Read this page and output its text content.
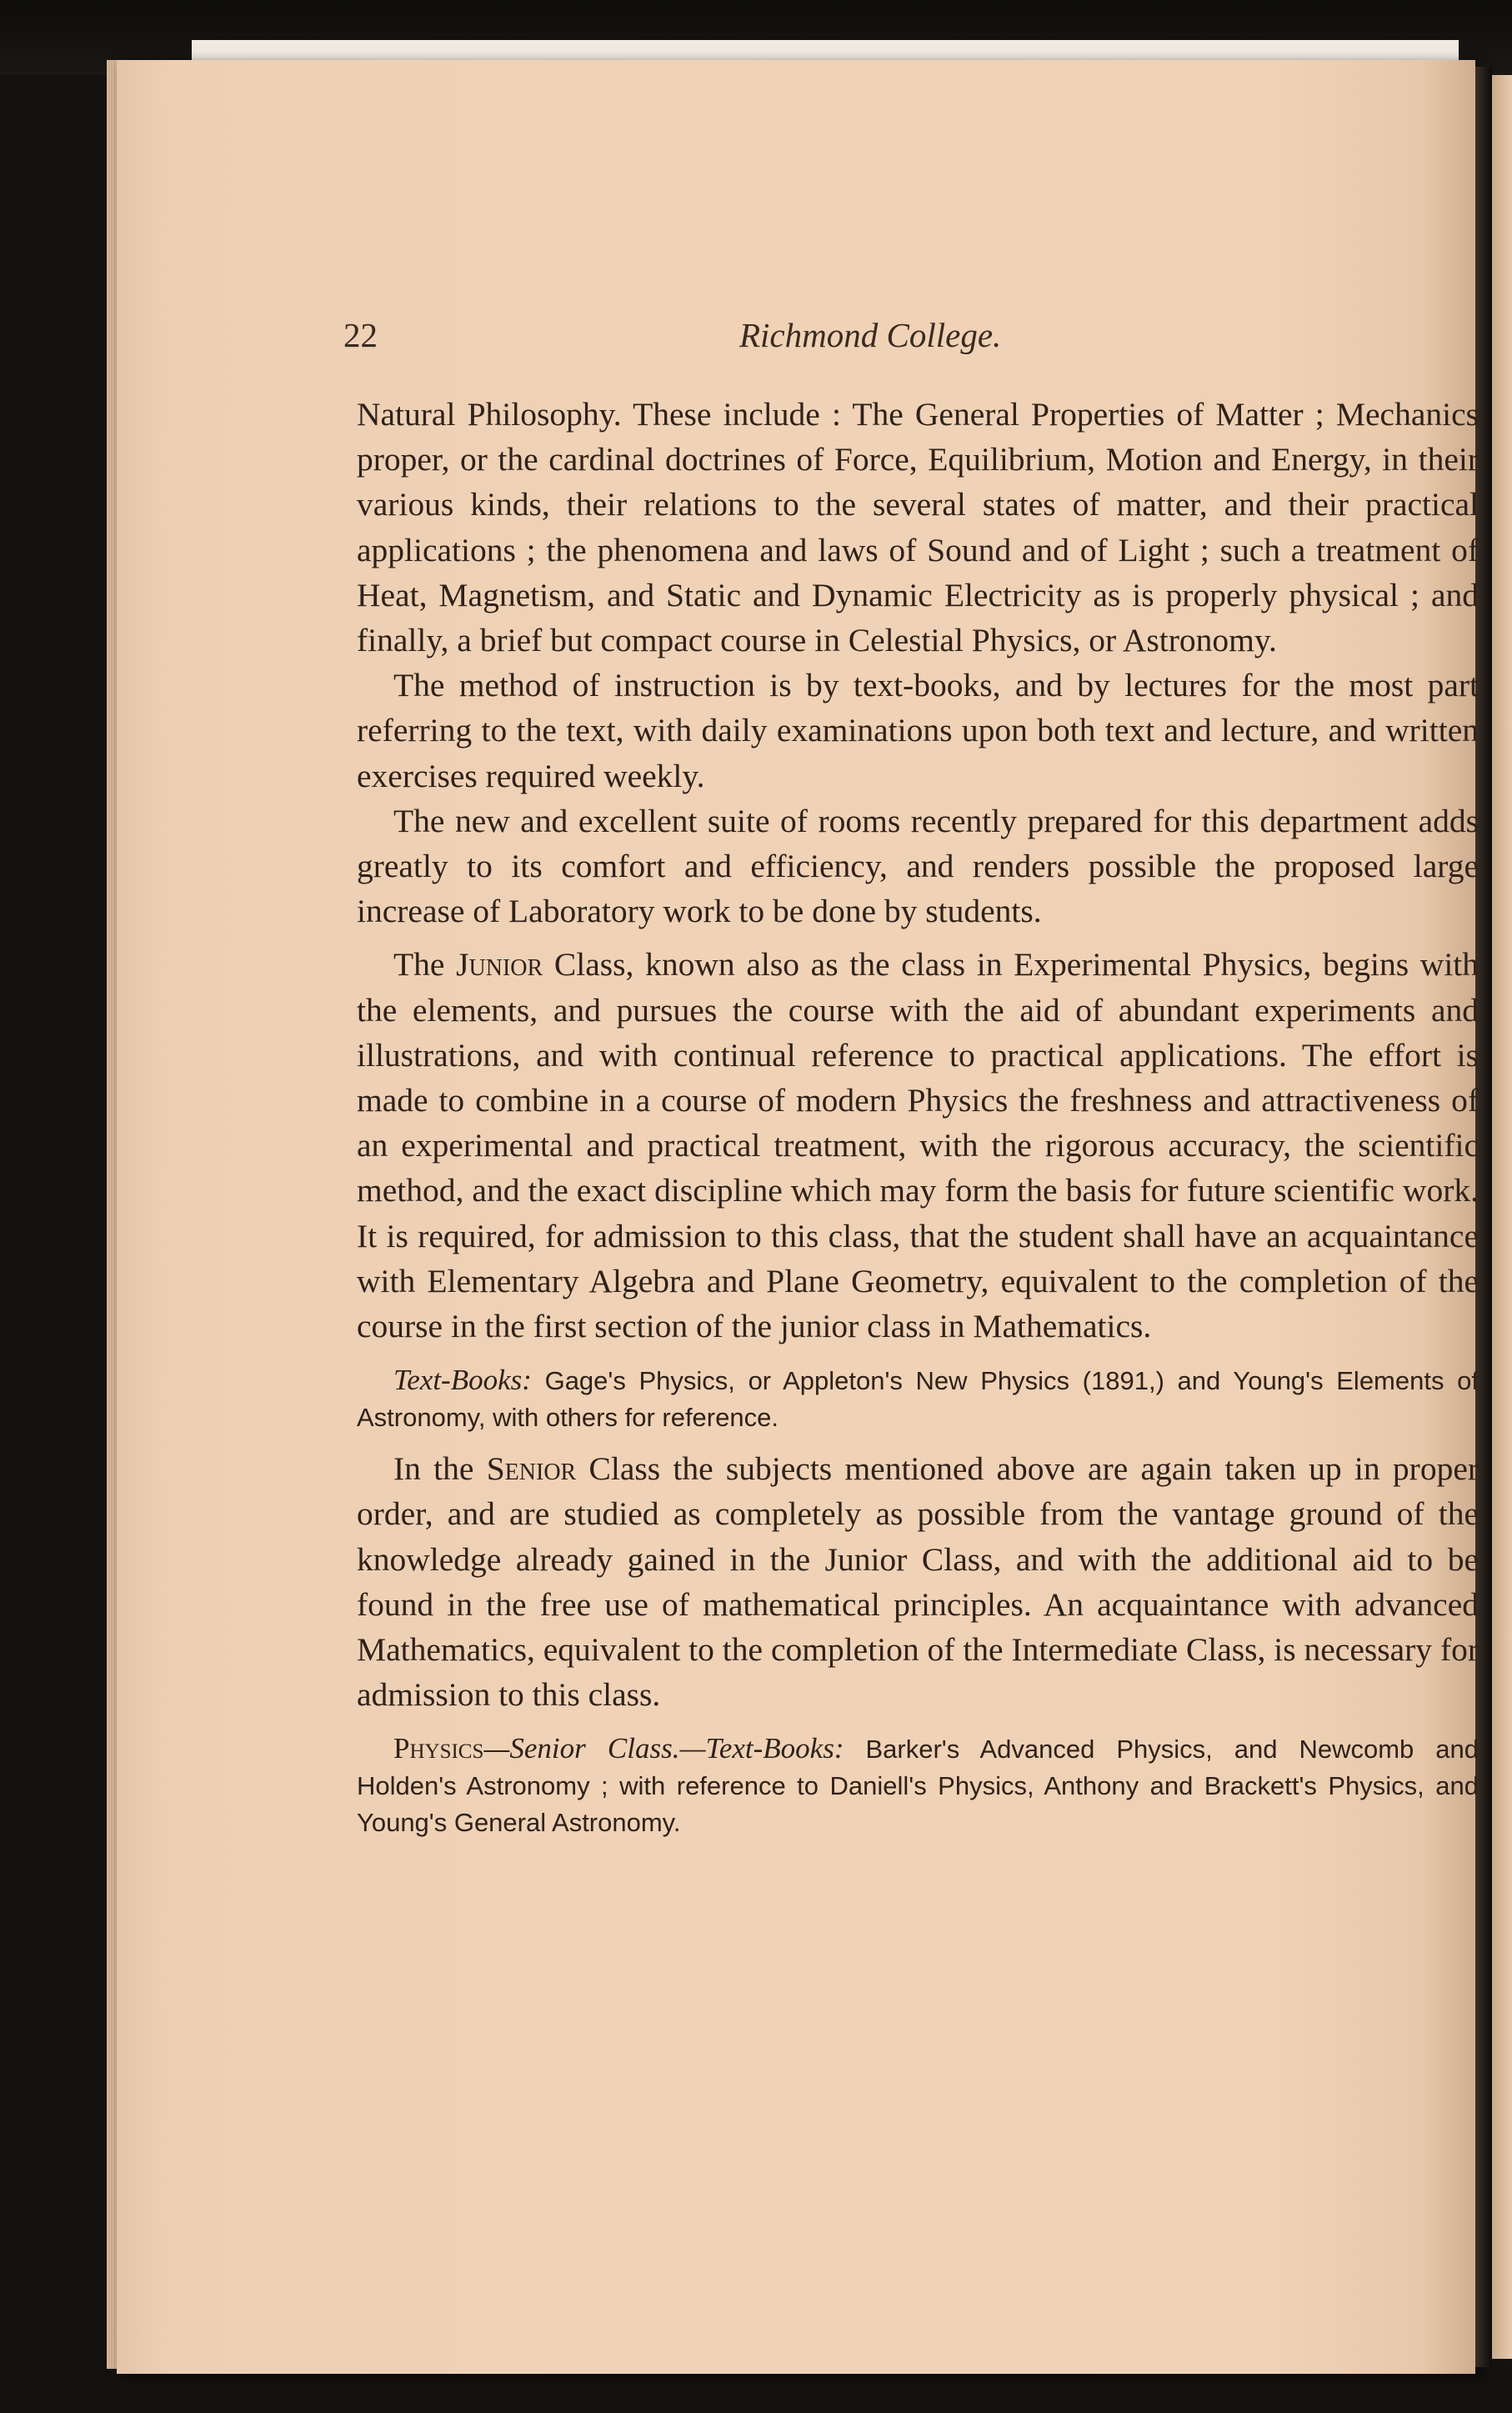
22	Richmond College.

Natural Philosophy. These include : The General Properties of Matter ; Mechanics proper, or the cardinal doctrines of Force, Equilibrium, Motion and Energy, in their various kinds, their relations to the several states of matter, and their practical applications ; the phenomena and laws of Sound and of Light ; such a treatment of Heat, Magnetism, and Static and Dynamic Electricity as is properly physical ; and finally, a brief but compact course in Celestial Physics, or Astronomy.

The method of instruction is by text-books, and by lectures for the most part referring to the text, with daily examinations upon both text and lecture, and written exercises required weekly.

The new and excellent suite of rooms recently prepared for this department adds greatly to its comfort and efficiency, and renders possible the proposed large increase of Laboratory work to be done by students.

The Junior Class, known also as the class in Experimental Physics, begins with the elements, and pursues the course with the aid of abundant experiments and illustrations, and with continual reference to practical applications. The effort is made to combine in a course of modern Physics the freshness and attractiveness of an experimental and practical treatment, with the rigorous accuracy, the scientific method, and the exact discipline which may form the basis for future scientific work. It is required, for admission to this class, that the student shall have an acquaintance with Elementary Algebra and Plane Geometry, equivalent to the completion of the course in the first section of the junior class in Mathematics.

Text-Books: Gage's Physics, or Appleton's New Physics (1891,) and Young's Elements of Astronomy, with others for reference.

In the Senior Class the subjects mentioned above are again taken up in proper order, and are studied as completely as possible from the vantage ground of the knowledge already gained in the Junior Class, and with the additional aid to be found in the free use of mathematical principles. An acquaintance with advanced Mathematics, equivalent to the completion of the Intermediate Class, is necessary for admission to this class.

Physics—Senior Class.—Text-Books: Barker's Advanced Physics, and Newcomb and Holden's Astronomy ; with reference to Daniell's Physics, Anthony and Brackett's Physics, and Young's General Astronomy.
